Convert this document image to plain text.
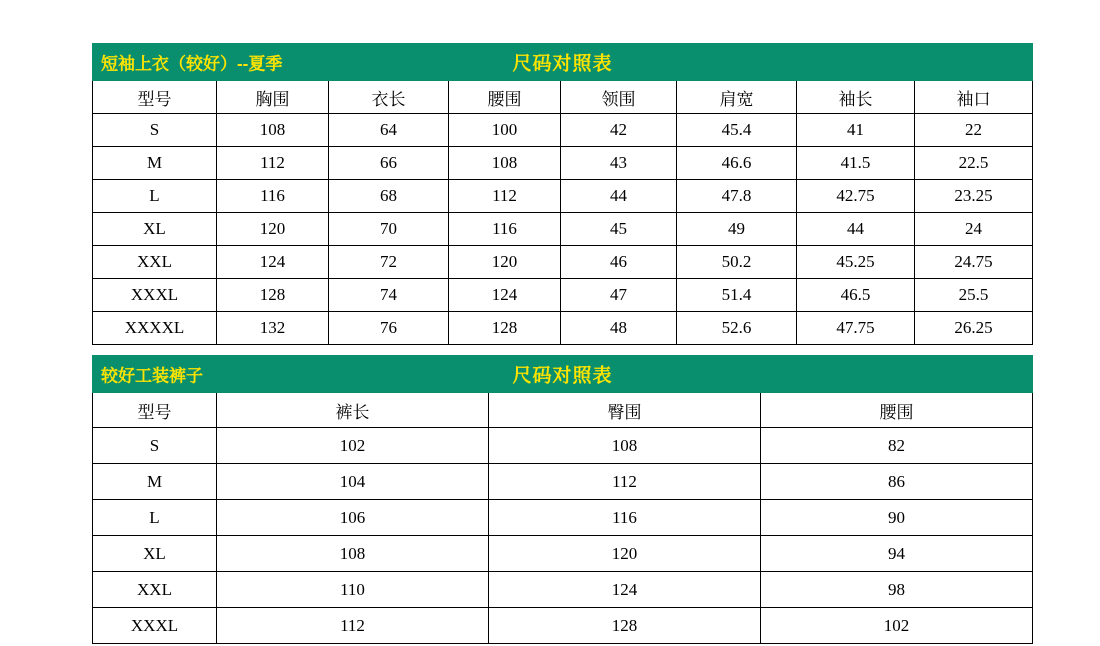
短袖上衣（较好）--夏季 尺码对照表							

型号	胸围	衣长	腰围	领围	肩宽	袖长	袖口
S	108	64	100	42	45.4	41	22
M	112	66	108	43	46.6	41.5	22.5
L	116	68	112	44	47.8	42.75	23.25
XL	120	70	116	45	49	44	24
XXL	124	72	120	46	50.2	45.25	24.75
XXXL	128	74	124	47	51.4	46.5	25.5
XXXXL	132	76	128	48	52.6	47.75	26.25
较好工装裤子 尺码对照表			

型号	裤长	臀围	腰围
S	102	108	82
M	104	112	86
L	106	116	90
XL	108	120	94
XXL	110	124	98
XXXL	112	128	102
